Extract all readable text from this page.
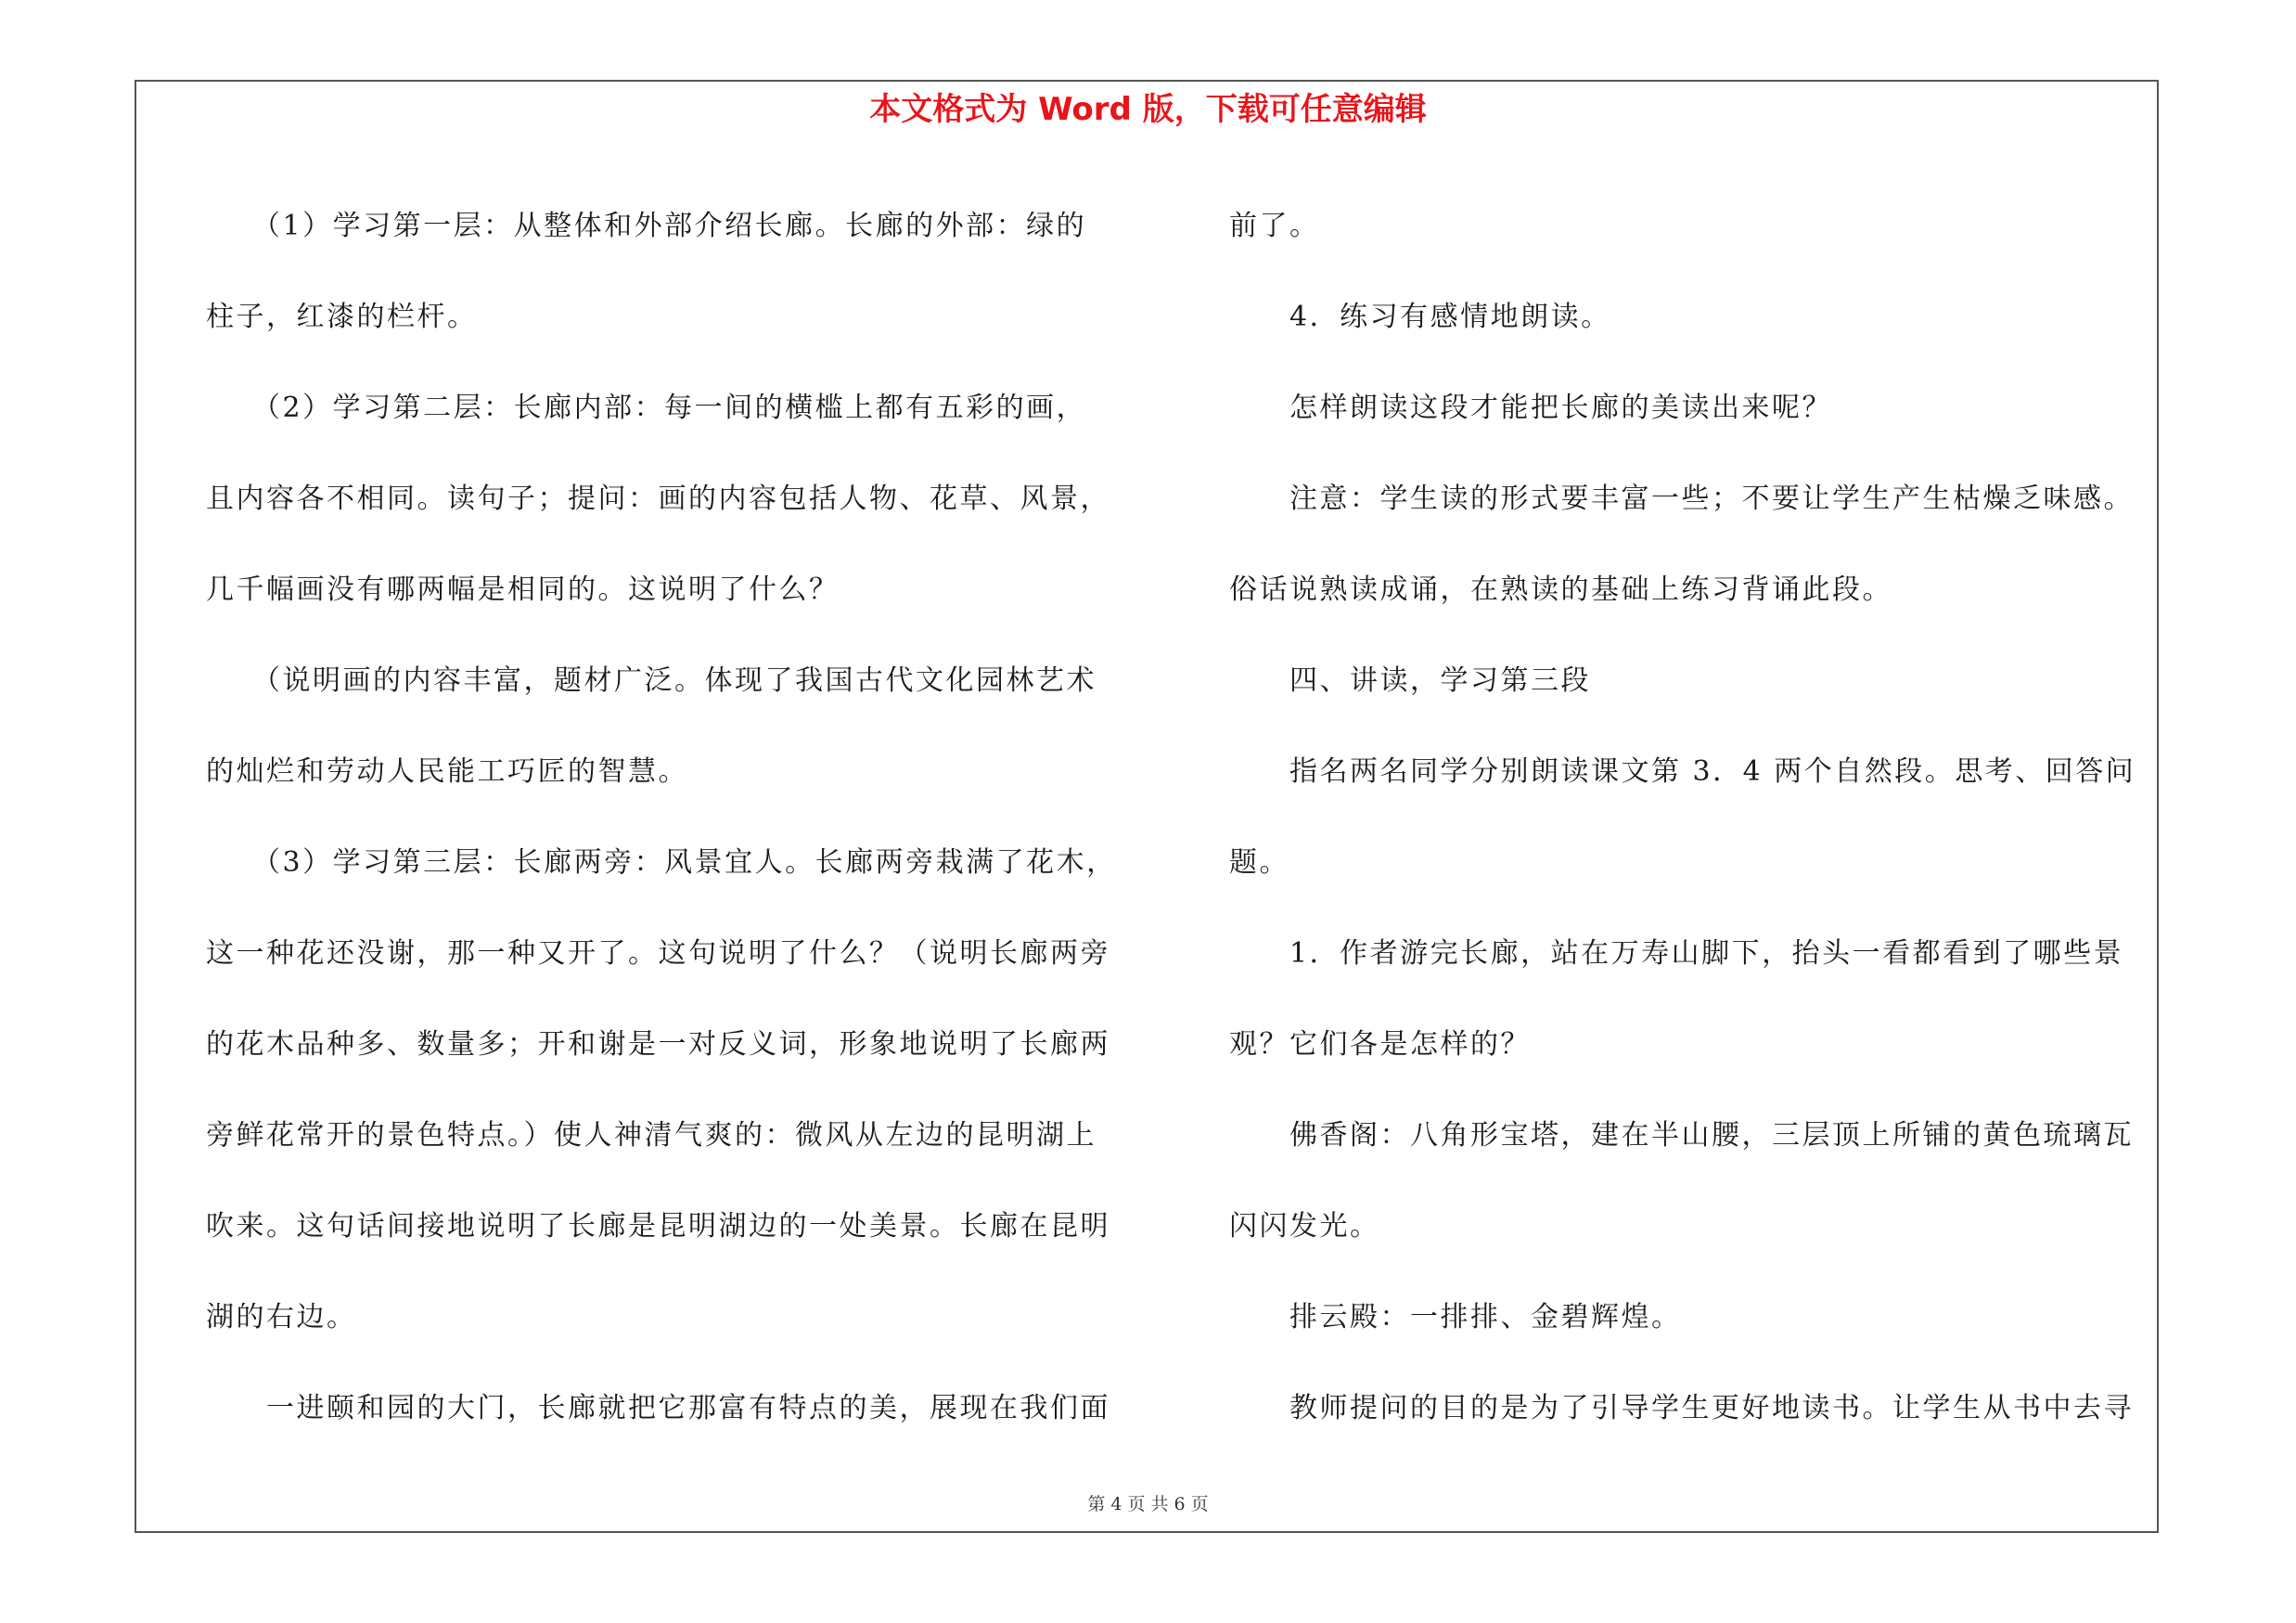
本文格式为 Word 版，下载可任意编辑

　　（1）学习第一层：从整体和外部介绍长廊。长廊的外部：绿的

柱子，红漆的栏杆。

　　（2）学习第二层：长廊内部：每一间的横槛上都有五彩的画，

且内容各不相同。读句子；提问：画的内容包括人物、花草、风景，

几千幅画没有哪两幅是相同的。这说明了什么？

　　（说明画的内容丰富，题材广泛。体现了我国古代文化园林艺术

的灿烂和劳动人民能工巧匠的智慧。

　　（3）学习第三层：长廊两旁：风景宜人。长廊两旁栽满了花木，

这一种花还没谢，那一种又开了。这句说明了什么？（说明长廊两旁

的花木品种多、数量多；开和谢是一对反义词，形象地说明了长廊两

旁鲜花常开的景色特点。）使人神清气爽的：微风从左边的昆明湖上

吹来。这句话间接地说明了长廊是昆明湖边的一处美景。长廊在昆明

湖的右边。

　　一进颐和园的大门，长廊就把它那富有特点的美，展现在我们面

前了。

　　4．练习有感情地朗读。

　　怎样朗读这段才能把长廊的美读出来呢？

　　注意：学生读的形式要丰富一些；不要让学生产生枯燥乏味感。

俗话说熟读成诵，在熟读的基础上练习背诵此段。

　　四、讲读，学习第三段

　　指名两名同学分别朗读课文第 3．4 两个自然段。思考、回答问

题。

　　1．作者游完长廊，站在万寿山脚下，抬头一看都看到了哪些景

观？它们各是怎样的？

　　佛香阁：八角形宝塔，建在半山腰，三层顶上所铺的黄色琉璃瓦

闪闪发光。

　　排云殿：一排排、金碧辉煌。

　　教师提问的目的是为了引导学生更好地读书。让学生从书中去寻

第 4 页 共 6 页
